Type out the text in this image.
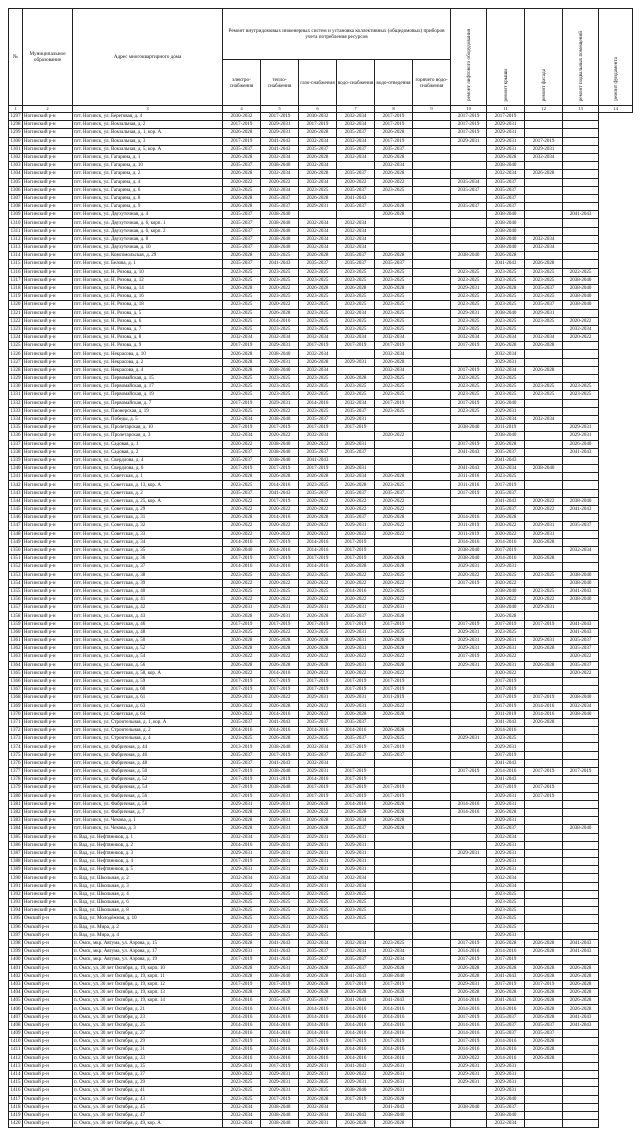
№	Муниципальное образование	Адрес многоквартирного дома	Ремонт внутридомовых инженерных систем и установка коллективных (общедомовых) приборов учета потребления ресурсов						ремонт лифтового оборудования	ремонт крыши	ремонт фасада	ремонт подвальных помещений	ремонт фундамента
			электро-снабжения	тепло-снабжения	газо-снабжения	водо-снабжения	водо-отведения	горячего водо-снабжения					
1	2	3	4	5	6	7	8	9	10	11	12	13	14
1297	Ногинский р-н	пгт. Ногинск, ул. Береговая, д. 4	2030-2032	2017-2019	2030-2032	2032-2034	2017-2019		2017-2019	2017-2019			
1298	Ногинский р-н	пгт. Ногинск, ул. Вокзальная, д. 2	2017-2019	2029-2031	2017-2019	2032-2034	2017-2019		2017-2019	2029-2031			
1299	Ногинский р-н	пгт. Ногинск, ул. Вокзальная, д. 1, кор. А	2026-2028	2029-2031	2026-2028	2035-2037	2026-2028		2017-2019	2029-2031			
1300	Ногинский р-н	пгт. Ногинск, ул. Вокзальная, д. 3	2017-2019	2041-2043	2032-2034	2032-2034	2017-2019		2029-2031	2029-2031	2017-2019		
1301	Ногинский р-н	пгт. Ногинск, ул. Вокзальная, д. 5, кор. А	2035-2037	2041-2043	2035-2037	2035-2037	2035-2037			2029-2031	2029-2031		
1302	Ногинский р-н	пгт. Ногинск, ул. Гагарина, д. 1	2026-2028	2032-2034	2026-2028	2032-2034	2026-2028			2026-2028	2032-2034		
1303	Ногинский р-н	пгт. Ногинск, ул. Гагарина, д. 10	2035-2037	2038-2040	2032-2034		2032-2034			2038-2040			
1304	Ногинский р-н	пгт. Ногинск, ул. Гагарина, д. 2	2026-2028	2032-2034	2026-2028	2035-2037	2026-2028			2032-2034	2026-2028		
1305	Ногинский р-н	пгт. Ногинск, ул. Гагарина, д. 4	2020-2022	2020-2022	2032-2034	2020-2022	2020-2022		2035-2034	2035-2037			
1306	Ногинский р-н	пгт. Ногинск, ул. Гагарина, д. 6	2023-2025	2032-2034	2023-2025	2035-2037	2023-2025		2035-2037	2035-2037			
1307	Ногинский р-н	пгт. Ногинск, ул. Гагарина, д. 8	2026-2028	2035-2037	2026-2028	2041-2043				2035-2037			
1308	Ногинский р-н	пгт. Ногинск, ул. Гагарина, д. 9	2026-2028	2035-2037	2029-2031	2035-2037	2026-2028		2035-2037	2035-2037			
1309	Ногинский р-н	пгт. Ногинск, ул. Двухуточная, д. 4	2035-2037	2038-2040			2026-2028			2038-2040		2041-2043	
1310	Ногинский р-н	пгт. Ногинск, ул. Двухуточная, д. 6, корп. 1	2035-2037	2038-2040	2032-2034	2032-2034				2038-2040			
1311	Ногинский р-н	пгт. Ногинск, ул. Двухуточная, д. 6, корп. 2	2035-2037	2038-2040	2032-2034	2032-2034				2038-2040			
1312	Ногинский р-н	пгт. Ногинск, ул. Двухуточная, д. 8	2035-2037	2038-2040	2032-2034	2032-2034				2038-2040	2032-2034		
1313	Ногинский р-н	пгт. Ногинск, ул. Двухуточная, д. 10	2035-2037	2038-2040	2032-2034	2032-2034				2038-2040	2032-2034		
1314	Ногинский р-н	пгт. Ногинск, ул. Комсомольская, д. 29	2026-2028	2023-2025	2026-2028	2035-2037	2026-2028		2038-2040	2026-2028			
1315	Ногинский р-н	пгт. Ногинск, ул. Белова, д. 1	2035-2037	2041-2043	2035-2037	2035-2037	2035-2037			2041-2043	2026-2028		
1316	Ногинский р-н	пгт. Ногинск, ул. Н. Розова, д. 10	2023-2025	2023-2025	2023-2025	2023-2025	2023-2025		2023-2025	2023-2025	2023-2025	2022-2025	
1317	Ногинский р-н	пгт. Ногинск, ул. Н. Розова, д. 12	2023-2025	2023-2025	2023-2025	2023-2025	2023-2025		2023-2025	2023-2025	2023-2025	2038-2040	
1318	Ногинский р-н	пгт. Ногинск, ул. Н. Розова, д. 14	2026-2028	2020-2022	2026-2028	2026-2028	2026-2028		2029-2031	2026-2028	2035-2037	2038-2040	
1319	Ногинский р-н	пгт. Ногинск, ул. Н. Розова, д. 16	2023-2025	2023-2025	2023-2025	2023-2025	2023-2025		2023-2025	2023-2025	2023-2025	2038-2040	
1320	Ногинский р-н	пгт. Ногинск, ул. Н. Розова, д. 18	2023-2025	2020-2022	2023-2025	2023-2025	2023-2025		2023-2025	2023-2025	2035-2037	2038-2040	
1321	Ногинский р-н	пгт. Ногинск, ул. Н. Розова, д. 5	2023-2025	2026-2028	2023-2025	2032-2034	2023-2025		2029-2031	2038-2040	2029-2031		
1322	Ногинский р-н	пгт. Ногинск, ул. Н. Розова, д. 6	2023-2025	2014-2016	2023-2025	2023-2025	2023-2025		2023-2025	2023-2025	2023-2025	2020-2022	
1323	Ногинский р-н	пгт. Ногинск, ул. Н. Розова, д. 7	2023-2025	2023-2025	2023-2025	2023-2025	2023-2025		2023-2025	2023-2025		2032-2034	
1324	Ногинский р-н	пгт. Ногинск, ул. Н. Розова, д. 8	2032-2034	2032-2034	2032-2034	2032-2034	2032-2034		2032-2034	2032-2034	2032-2034	2020-2022	
1325	Ногинский р-н	пгт. Ногинск, ул. Н. Розова, д. 9	2017-2019	2029-2031	2017-2019	2017-2019	2017-2019		2017-2019	2026-2028	2026-2028		
1326	Ногинский р-н	пгт. Ногинск, ул. Некрасова, д. 10	2026-2028	2038-2040	2032-2034		2032-2034			2032-2034			
1327	Ногинский р-н	пгт. Ногинск, ул. Некрасова, д. 2	2026-2028	2029-2031	2026-2028	2029-2031	2026-2028			2029-2031			
1328	Ногинский р-н	пгт. Ногинск, ул. Некрасова, д. 4	2026-2028	2038-2040	2032-2034		2032-2034		2017-2019	2032-2034	2026-2028		
1329	Ногинский р-н	пгт. Ногинск, ул. Первомайская, д. 15	2023-2025	2023-2025	2023-2025	2026-2028	2023-2025		2023-2025	2023-2025			
1330	Ногинский р-н	пгт. Ногинск, ул. Первомайская, д. 17	2023-2025	2023-2025	2023-2025	2023-2025	2023-2025		2023-2025	2023-2025	2023-2025	2023-2025	
1331	Ногинский р-н	пгт. Ногинск, ул. Первомайская, д. 19	2023-2025	2023-2025	2023-2025	2023-2025	2023-2025		2023-2025	2023-2025	2023-2025	2023-2025	
1332	Ногинский р-н	пгт. Ногинск, ул. Первомайская, д. 7	2017-2019	2029-2031	2014-2016	2032-2034	2017-2019		2017-2019	2026-2040			
1333	Ногинский р-н	пгт. Ногинск, ул. Пионерская, д. 19	2023-2025	2020-2022	2023-2025	2035-2037	2023-2025		2023-2025	2029-2031			
1334	Ногинский р-н	пгт. Ногинск, ул. Победы, д. 5	2032-2034	2038-2040	2035-2037	2029-2031				2032-2034	2032-2034		
1335	Ногинский р-н	пгт. Ногинск, ул. Пролетарская, д. 10	2017-2019	2017-2019	2017-2019	2017-2019			2038-2040	2011-2019		2029-2031	
1336	Ногинский р-н	пгт. Ногинск, ул. Пролетарская, д. 3	2032-2034	2020-2022	2032-2034		2020-2022			2038-2040		2029-2031	
1337	Ногинский р-н	пгт. Ногинск, ул. Садовая, д. 1	2020-2022	2038-2040	2020-2022	2029-2031			2017-2019	2026-2028		2026-2040	
1338	Ногинский р-н	пгт. Ногинск, ул. Садовая, д. 2	2035-2037	2038-2040	2035-2037	2035-2037			2041-2043	2035-2037		2041-2043	
1339	Ногинский р-н	пгт. Ногинск, ул. Свердлова, д. 4	2035-2037	2038-2040	2041-2043					2041-2043			
1340	Ногинский р-н	пгт. Ногинск, ул. Свердлова, д. 6	2017-2019	2017-2019	2017-2019	2029-2031			2041-2043	2032-2034	2038-2040		
1341	Ногинский р-н	пгт. Ногинск, ул. Советская, д. 1	2026-2028	2026-2028	2026-2028	2032-2034	2026-2028		2011-2016	2023-2025			
1342	Ногинский р-н	пгт. Ногинск, ул. Советская, д. 13, кор. А	2023-2025	2014-2016	2023-2025	2026-2028	2023-2025		2011-2016	2017-2019			
1343	Ногинский р-н	пгт. Ногинск, ул. Советская, д. 2	2035-2037	2041-2043	2035-2037	2035-2037	2035-2037		2017-2019	2035-2037			
1344	Ногинский р-н	пгт. Ногинск, ул. Советская, д. 25, кор. А	2020-2022	2017-2019	2020-2022	2020-2022	2020-2022			2041-2043	2020-2022	2038-2040	
1345	Ногинский р-н	пгт. Ногинск, ул. Советская, д. 29	2020-2022	2020-2022	2020-2022	2020-2022	2020-2022			2035-2037	2020-2022	2041-2043	
1346	Ногинский р-н	пгт. Ногинск, ул. Советская, д. 31	2026-2028	2014-2016	2026-2028	2035-2037	2026-2028		2014-2016	2026-2028			
1347	Ногинский р-н	пгт. Ногинск, ул. Советская, д. 32	2020-2022	2020-2022	2020-2022	2029-2031	2020-2022		2011-2019	2020-2022	2029-2031	2035-2037	
1348	Ногинский р-н	пгт. Ногинск, ул. Советская, д. 33	2020-2022	2020-2022	2020-2022	2020-2022	2020-2022		2011-2019	2020-2022	2029-2031		
1349	Ногинский р-н	пгт. Ногинск, ул. Советская, д. 34	2014-2016	2017-2019	2014-2016	2017-2019			2014-2016	2014-2016	2026-2028		
1350	Ногинский р-н	пгт. Ногинск, ул. Советская, д. 35	2038-2040	2014-2016	2014-2016	2017-2019			2038-2040	2017-2019		2032-2034	
1351	Ногинский р-н	пгт. Ногинск, ул. Советская, д. 36	2017-2019	2017-2019	2017-2019	2017-2019	2026-2028		2038-2040	2014-2016	2026-2028		
1352	Ногинский р-н	пгт. Ногинск, ул. Советская, д. 37	2014-2016	2014-2016	2014-2016	2026-2028	2026-2028		2029-2031	2029-2031			
1353	Ногинский р-н	пгт. Ногинск, ул. Советская, д. 38	2023-2025	2023-2025	2023-2025	2020-2022	2023-2025		2020-2022	2023-2025	2023-2025	2038-2040	
1354	Ногинский р-н	пгт. Ногинск, ул. Советская, д. 39	2020-2022	2020-2022	2020-2022	2020-2022	2020-2022		2017-2019	2020-2022		2038-2040	
1355	Ногинский р-н	пгт. Ногинск, ул. Советская, д. 40	2023-2025	2023-2025	2023-2025	2014-2016	2023-2025			2038-2040	2023-2025	2041-2043	
1356	Ногинский р-н	пгт. Ногинск, ул. Советская, д. 41	2020-2022	2020-2022	2020-2022	2020-2022	2020-2022			2020-2022	2020-2022	2038-2040	
1357	Ногинский р-н	пгт. Ногинск, ул. Советская, д. 42	2029-2031	2029-2031	2029-2031	2029-2031	2029-2031			2038-2040	2029-2031		
1358	Ногинский р-н	пгт. Ногинск, ул. Советская, д. 43	2026-2028	2029-2031	2026-2028	2035-2037	2026-2028			2026-2028			
1359	Ногинский р-н	пгт. Ногинск, ул. Советская, д. 46	2017-2019	2017-2019	2017-2019	2017-2019	2017-2019		2017-2019	2017-2019	2017-2019	2041-2043	
1360	Ногинский р-н	пгт. Ногинск, ул. Советская, д. 48	2023-2025	2020-2022	2023-2025	2029-2031	2023-2025		2029-2031	2023-2025		2041-2043	
1361	Ногинский р-н	пгт. Ногинск, ул. Советская, д. 50	2026-2028	2026-2028	2026-2028	2029-2031	2026-2028		2029-2031	2029-2031	2029-2031	2035-2037	
1362	Ногинский р-н	пгт. Ногинск, ул. Советская, д. 52	2026-2028	2026-2028	2026-2028	2029-2031	2026-2028		2029-2031	2029-2031	2026-2028	2035-2037	
1363	Ногинский р-н	пгт. Ногинск, ул. Советская, д. 54	2020-2022	2020-2022	2020-2022	2020-2022	2020-2022		2017-2019	2020-2022		2020-2022	
1364	Ногинский р-н	пгт. Ногинск, ул. Советская, д. 56	2026-2028	2026-2028	2026-2028	2029-2031	2026-2028		2029-2031	2029-2031	2026-2028	2035-2037	
1365	Ногинский р-н	пгт. Ногинск, ул. Советская, д. 58, кор. А	2020-2022	2014-2016	2020-2022	2020-2022	2020-2022			2020-2022		2020-2022	
1366	Ногинский р-н	пгт. Ногинск, ул. Советская, д. 59	2017-2019	2017-2019	2017-2019	2017-2019	2017-2019			2017-2019			
1367	Ногинский р-н	пгт. Ногинск, ул. Советская, д. 60	2017-2019	2017-2019	2017-2019	2017-2019	2017-2019			2017-2019			
1368	Ногинский р-н	пгт. Ногинск, ул. Советская, д. 61	2029-2031	2020-2022	2029-2031	2029-2031	2011-2019			2017-2019	2017-2019	2038-2040	
1369	Ногинский р-н	пгт. Ногинск, ул. Советская, д. 63	2020-2022	2026-2028	2020-2022	2029-2031	2020-2022			2017-2019	2014-2016	2032-2034	
1370	Ногинский р-н	пгт. Ногинск, ул. Советская, д. 64	2020-2022	2014-2016	2020-2022	2026-2028	2026-2028			2011-2019	2014-2016	2038-2040	
1371	Ногинский р-н	пгт. Ногинск, ул. Строительная, д. 1, кор. А	2035-2037	2041-2043	2035-2037	2035-2037				2041-2043	2026-2028		
1372	Ногинский р-н	пгт. Ногинск, ул. Строительная, д. 2	2014-2016	2014-2016	2014-2016	2014-2016	2026-2028			2014-2016			
1373	Ногинский р-н	пгт. Ногинск, ул. Строительная, д. 4	2023-2025	2026-2028	2023-2025	2035-2037	2023-2025		2029-2031	2023-2025			
1374	Ногинский р-н	пгт. Ногинск, ул. Фабричная, д. 44	2013-2019	2038-2040	2032-2034	2017-2019	2017-2019			2029-2031			
1375	Ногинский р-н	пгт. Ногинск, ул. Фабричная, д. 46	2035-2037	2017-2019	2035-2037	2035-2037	2035-2037			2017-2019			
1376	Ногинский р-н	пгт. Ногинск, ул. Фабричная, д. 48	2035-2037	2041-2043	2032-2034					2041-2043			
1377	Ногинский р-н	пгт. Ногинск, ул. Фабричная, д. 50	2017-2019	2038-2040	2029-2031	2017-2019			2017-2019	2014-2016	2017-2019	2017-2019	
1378	Ногинский р-н	пгт. Ногинск, ул. Фабричная, д. 52	2017-2019	2011-2019	2014-2016	2017-2019				2041-2043			
1379	Ногинский р-н	пгт. Ногинск, ул. Фабричная, д. 54	2017-2019	2038-2040	2017-2019	2017-2019	2017-2019			2017-2019	2017-2019		
1380	Ногинский р-н	пгт. Ногинск, ул. Фабричная, д. 56	2017-2019	2029-2031	2017-2019	2017-2019	2017-2019			2029-2031	2017-2019		
1381	Ногинский р-н	пгт. Ногинск, ул. Фабричная, д. 58	2029-2031	2029-2031	2026-2028	2014-2016	2026-2028		2014-2016	2029-2031			
1382	Ногинский р-н	пгт. Ногинск, ул. Фабричная, д. 7	2026-2028	2029-2031	2020-2022	2026-2028	2026-2028		2014-2016	2026-2028			
1383	Ногинский р-н	пгт. Ногинск, ул. Чехова, д. 1	2026-2028	2029-2031	2026-2028	2032-2034	2026-2028			2029-2031			
1384	Ногинский р-н	пгт. Ногинск, ул. Чехова, д. 3	2026-2028	2029-2031	2026-2028	2035-2037	2026-2028			2035-2037		2038-2040	
1385	Ногинский р-н	п. Вад, ул. Нефтяников, д. 1	2032-2034	2029-2031	2029-2031	2029-2031				2032-2034			
1386	Ногинский р-н	п. Вад, ул. Нефтяников, д. 2	2014-2016	2029-2031	2029-2031	2029-2031				2029-2031			
1387	Ногинский р-н	п. Вад, ул. Нефтяников, д. 3	2029-2031	2029-2031	2029-2031	2029-2031			2029-2031	2029-2031			
1388	Ногинский р-н	п. Вад, ул. Нефтяников, д. 4	2017-2019	2029-2031	2029-2031	2029-2031				2029-2031			
1389	Ногинский р-н	п. Вад, ул. Нефтяников, д. 5	2029-2031	2029-2031	2029-2031	2029-2031				2029-2031			
1390	Ногинский р-н	п. Вад, ул. Школьная, д. 2	2032-2034	2032-2034	2032-2034	2032-2034				2032-2034			
1391	Ногинский р-н	п. Вад, ул. Школьная, д. 3	2020-2022	2029-2031	2029-2031	2032-2034				2032-2034			
1392	Ногинский р-н	п. Вад, ул. Школьная, д. 4	2023-2025	2023-2025	2023-2025	2023-2025				2023-2025			
1393	Ногинский р-н	п. Вад, ул. Школьная, д. 6	2023-2025	2023-2025	2023-2025	2023-2025				2023-2025			
1394	Ногинский р-н	п. Вад, ул. Школьная, д. 8	2023-2025	2023-2025	2023-2025	2023-2025				2023-2025			
1395	Омский р-н	п. Вад, ул. Молодёжная, д. 10	2023-2025	2023-2025	2023-2025	2023-2025				2023-2025			
1396	Омский р-н	п. Вад, ул. Мира, д. 2	2029-2031	2029-2031	2029-2031					2023-2025			
1397	Омский р-н	п. Вад, ул. Мира, д. 4	2023-2025	2023-2025	2023-2025					2029-2031			
1398	Омский р-н	п. Омск, мкр. Автума, ул. Аэрова, д. 15	2026-2028	2041-2043	2032-2034	2032-2034	2023-2025		2017-2019	2026-2028	2026-2028	2041-2043	
1399	Омский р-н	п. Омск, мкр. Автума, ул. Аэрова, д. 17	2029-2031	2041-2043	2035-2037	2032-2034	2032-2034		2014-2016	2014-2016	2026-2028	2041-2043	
1400	Омский р-н	п. Омск, мкр. Автума, ул. Аэрова, д. 19	2017-2019	2041-2043	2035-2037	2035-2037	2032-2034		2017-2019	2017-2019			
1401	Омский р-н	п. Омск, ул. 30 лет Октября, д. 19, корп. 10	2026-2028	2029-2031	2026-2028	2035-2037	2026-2028		2026-2028	2026-2028	2026-2028	2026-2028	
1402	Омский р-н	п. Омск, ул. 30 лет Октября, д. 19, корп. 11	2026-2028	2038-2040	2026-2028	2041-2043	2038-2040		2026-2028	2041-2043	2026-2028	2026-2028	
1403	Омский р-н	п. Омск, ул. 30 лет Октября, д. 19, корп. 12	2017-2019	2017-2019	2026-2028	2017-2019	2017-2019		2029-2031	2017-2019	2017-2019	2026-2028	
1404	Омский р-н	п. Омск, ул. 30 лет Октября, д. 19, корп. 13	2026-2028	2026-2028	2026-2028	2026-2028	2026-2028		2026-2028	2026-2028	2026-2028	2026-2028	
1405	Омский р-н	п. Омск, ул. 30 лет Октября, д. 19, корп. 14	2014-2016	2035-2037	2035-2037	2041-2043	2041-2043		2014-2016	2041-2043	2026-2028	2026-2028	
1406	Омский р-н	п. Омск, ул. 30 лет Октября, д. 21	2014-2016	2014-2016	2014-2016	2014-2016	2014-2016		2014-2016	2014-2016	2026-2028	2026-2028	
1407	Омский р-н	п. Омск, ул. 30 лет Октября, д. 23	2014-2016	2014-2016	2014-2016	2014-2016	2014-2016		2017-2019	2035-2037	2026-2028	2041-2043	
1408	Омский р-н	п. Омск, ул. 30 лет Октября, д. 25	2014-2016	2014-2016	2014-2016	2014-2016	2014-2016		2014-2016	2035-2037	2035-2037	2041-2043	
1409	Омский р-н	п. Омск, ул. 30 лет Октября, д. 27	2014-2016	2014-2016	2014-2016	2014-2016	2014-2016		2014-2016	2035-2037	2035-2037		
1410	Омский р-н	п. Омск, ул. 30 лет Октября, д. 29	2017-2019	2041-2043	2017-2019	2017-2019	2017-2019		2017-2019	2014-2016	2026-2028		
1411	Омский р-н	п. Омск, ул. 30 лет Октября, д. 31	2014-2016	2014-2016	2014-2016	2014-2016	2014-2016		2014-2016	2014-2016	2026-2028		
1412	Омский р-н	п. Омск, ул. 30 лет Октября, д. 33	2014-2016	2014-2016	2014-2016	2014-2016	2014-2016		2020-2022	2014-2016	2026-2028		
1413	Омский р-н	п. Омск, ул. 30 лет Октября, д. 35	2029-2031	2017-2019	2029-2031	2041-2043	2029-2031		2029-2031	2029-2031			
1414	Омский р-н	п. Омск, ул. 30 лет Октября, д. 37	2020-2022	2029-2031	2029-2031	2020-2022	2029-2031		2029-2031	2029-2031			
1415	Омский р-н	п. Омск, ул. 30 лет Октября, д. 39	2023-2025	2029-2031	2023-2025	2029-2031	2029-2031		2029-2031	2029-2031			
1416	Омский р-н	п. Омск, ул. 30 лет Октября, д. 41	2023-2025	2029-2031	2023-2025	2038-2040	2029-2031			2029-2031			
1417	Омский р-н	п. Омск, ул. 30 лет Октября, д. 43	2023-2025	2017-2019	2026-2028	2017-2019	2026-2028			2026-2040			
1418	Омский р-н	п. Омск, ул. 30 лет Октября, д. 45	2032-2034	2038-2040	2032-2034		2041-2043		2038-2040	2035-2037			
1419	Омский р-н	п. Омск, ул. 30 лет Октября, д. 47	2032-2034	2038-2040	2032-2034	2041-2043	2038-2040			2038-2040			
1420	Омский р-н	п. Омск, ул. 30 лет Октября, д. 49, кор. А	2032-2034	2038-2040	2029-2031	2026-2028	2026-2028			2032-2034			
